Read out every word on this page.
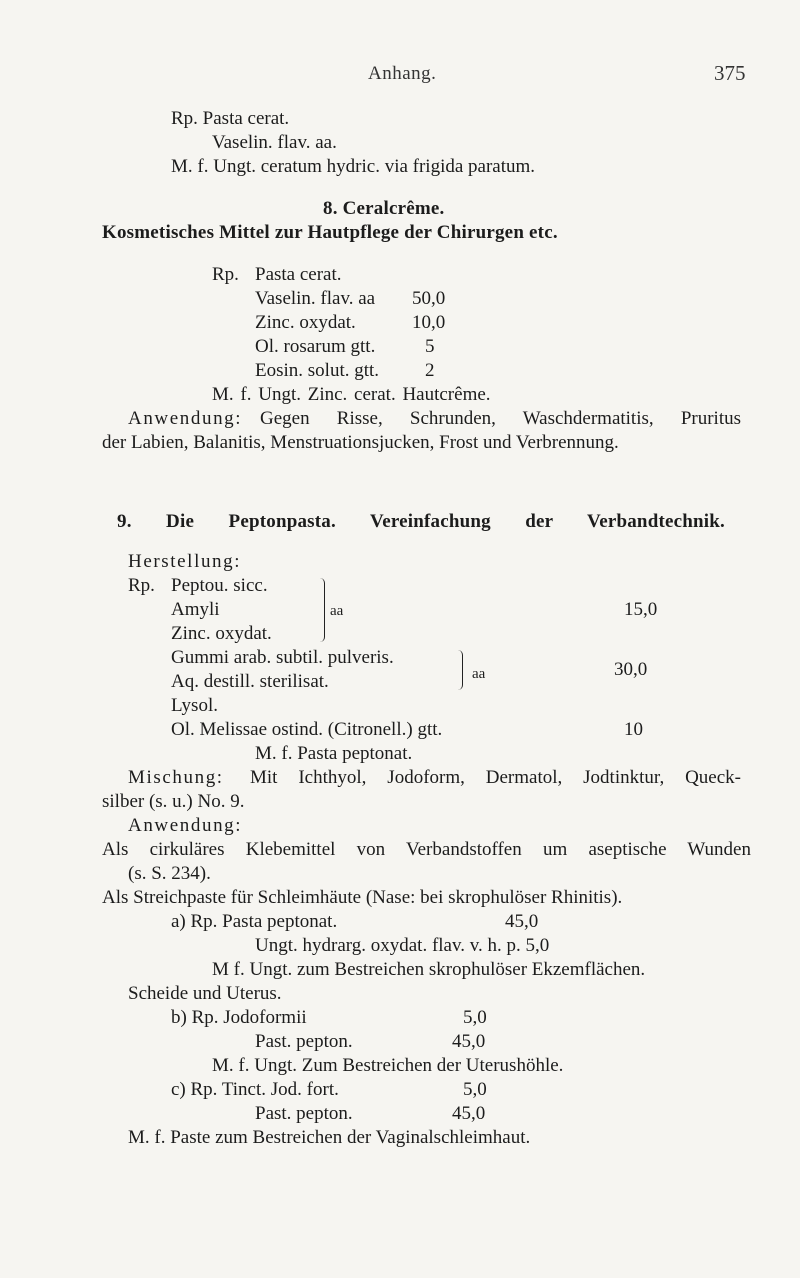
Anhang.	375
Rp. Pasta cerat.
Vaselin. flav. aa.
M. f. Ungt. ceratum hydric. via frigida paratum.
8. Ceralcrême.
Kosmetisches Mittel zur Hautpflege der Chirurgen etc.
Rp. Pasta cerat.
Vaselin. flav. aa 50,0
Zinc. oxydat.	10,0
Ol. rosarum gtt.	5
Eosin. solut. gtt. 2
M. f. Ungt. Zinc. cerat. Hautcrême.
Anwendung: Gegen Risse, Schrunden, Waschdermatitis, Pruritus
der Labien, Balanitis, Menstruationsjucken, Frost und Verbrennung.
9. Die Peptonpasta. Vereinfachung der Verbandtechnik.
Herstellung:
Rp. Peptou. sicc.
Amyli
Zinc. oxydat.
aa	15,0
Gummi arab. subtil. pulveris.
Aq. destill. sterilisat.	aa	30,0
Lysol.
Ol. Melissae ostind. (Citronell.) gtt.	10
M. f. Pasta peptonat.
Mischung: Mit Ichthyol, Jodoform, Dermatol, Jodtinktur, Queck-
silber (s. u.) No. 9.
Anwendung:
Als cirkuläres Klebemittel von Verbandstoffen um aseptische Wunden
(s. S. 234).
Als Streichpaste für Schleimhäute (Nase: bei skrophulöser Rhinitis).
a) Rp. Pasta peptonat.	45,0
Ungt. hydrarg. oxydat. flav. v. h. p. 5,0
M f. Ungt. zum Bestreichen skrophulöser Ekzemflächen.
Scheide und Uterus.
b) Rp. Jodoformii	5,0
Past. pepton.	45,0
M. f. Ungt. Zum Bestreichen der Uterushöhle.
c) Rp. Tinct. Jod. fort.	5,0
Past. pepton.	45,0
M. f. Paste zum Bestreichen der Vaginalschleimhaut.
